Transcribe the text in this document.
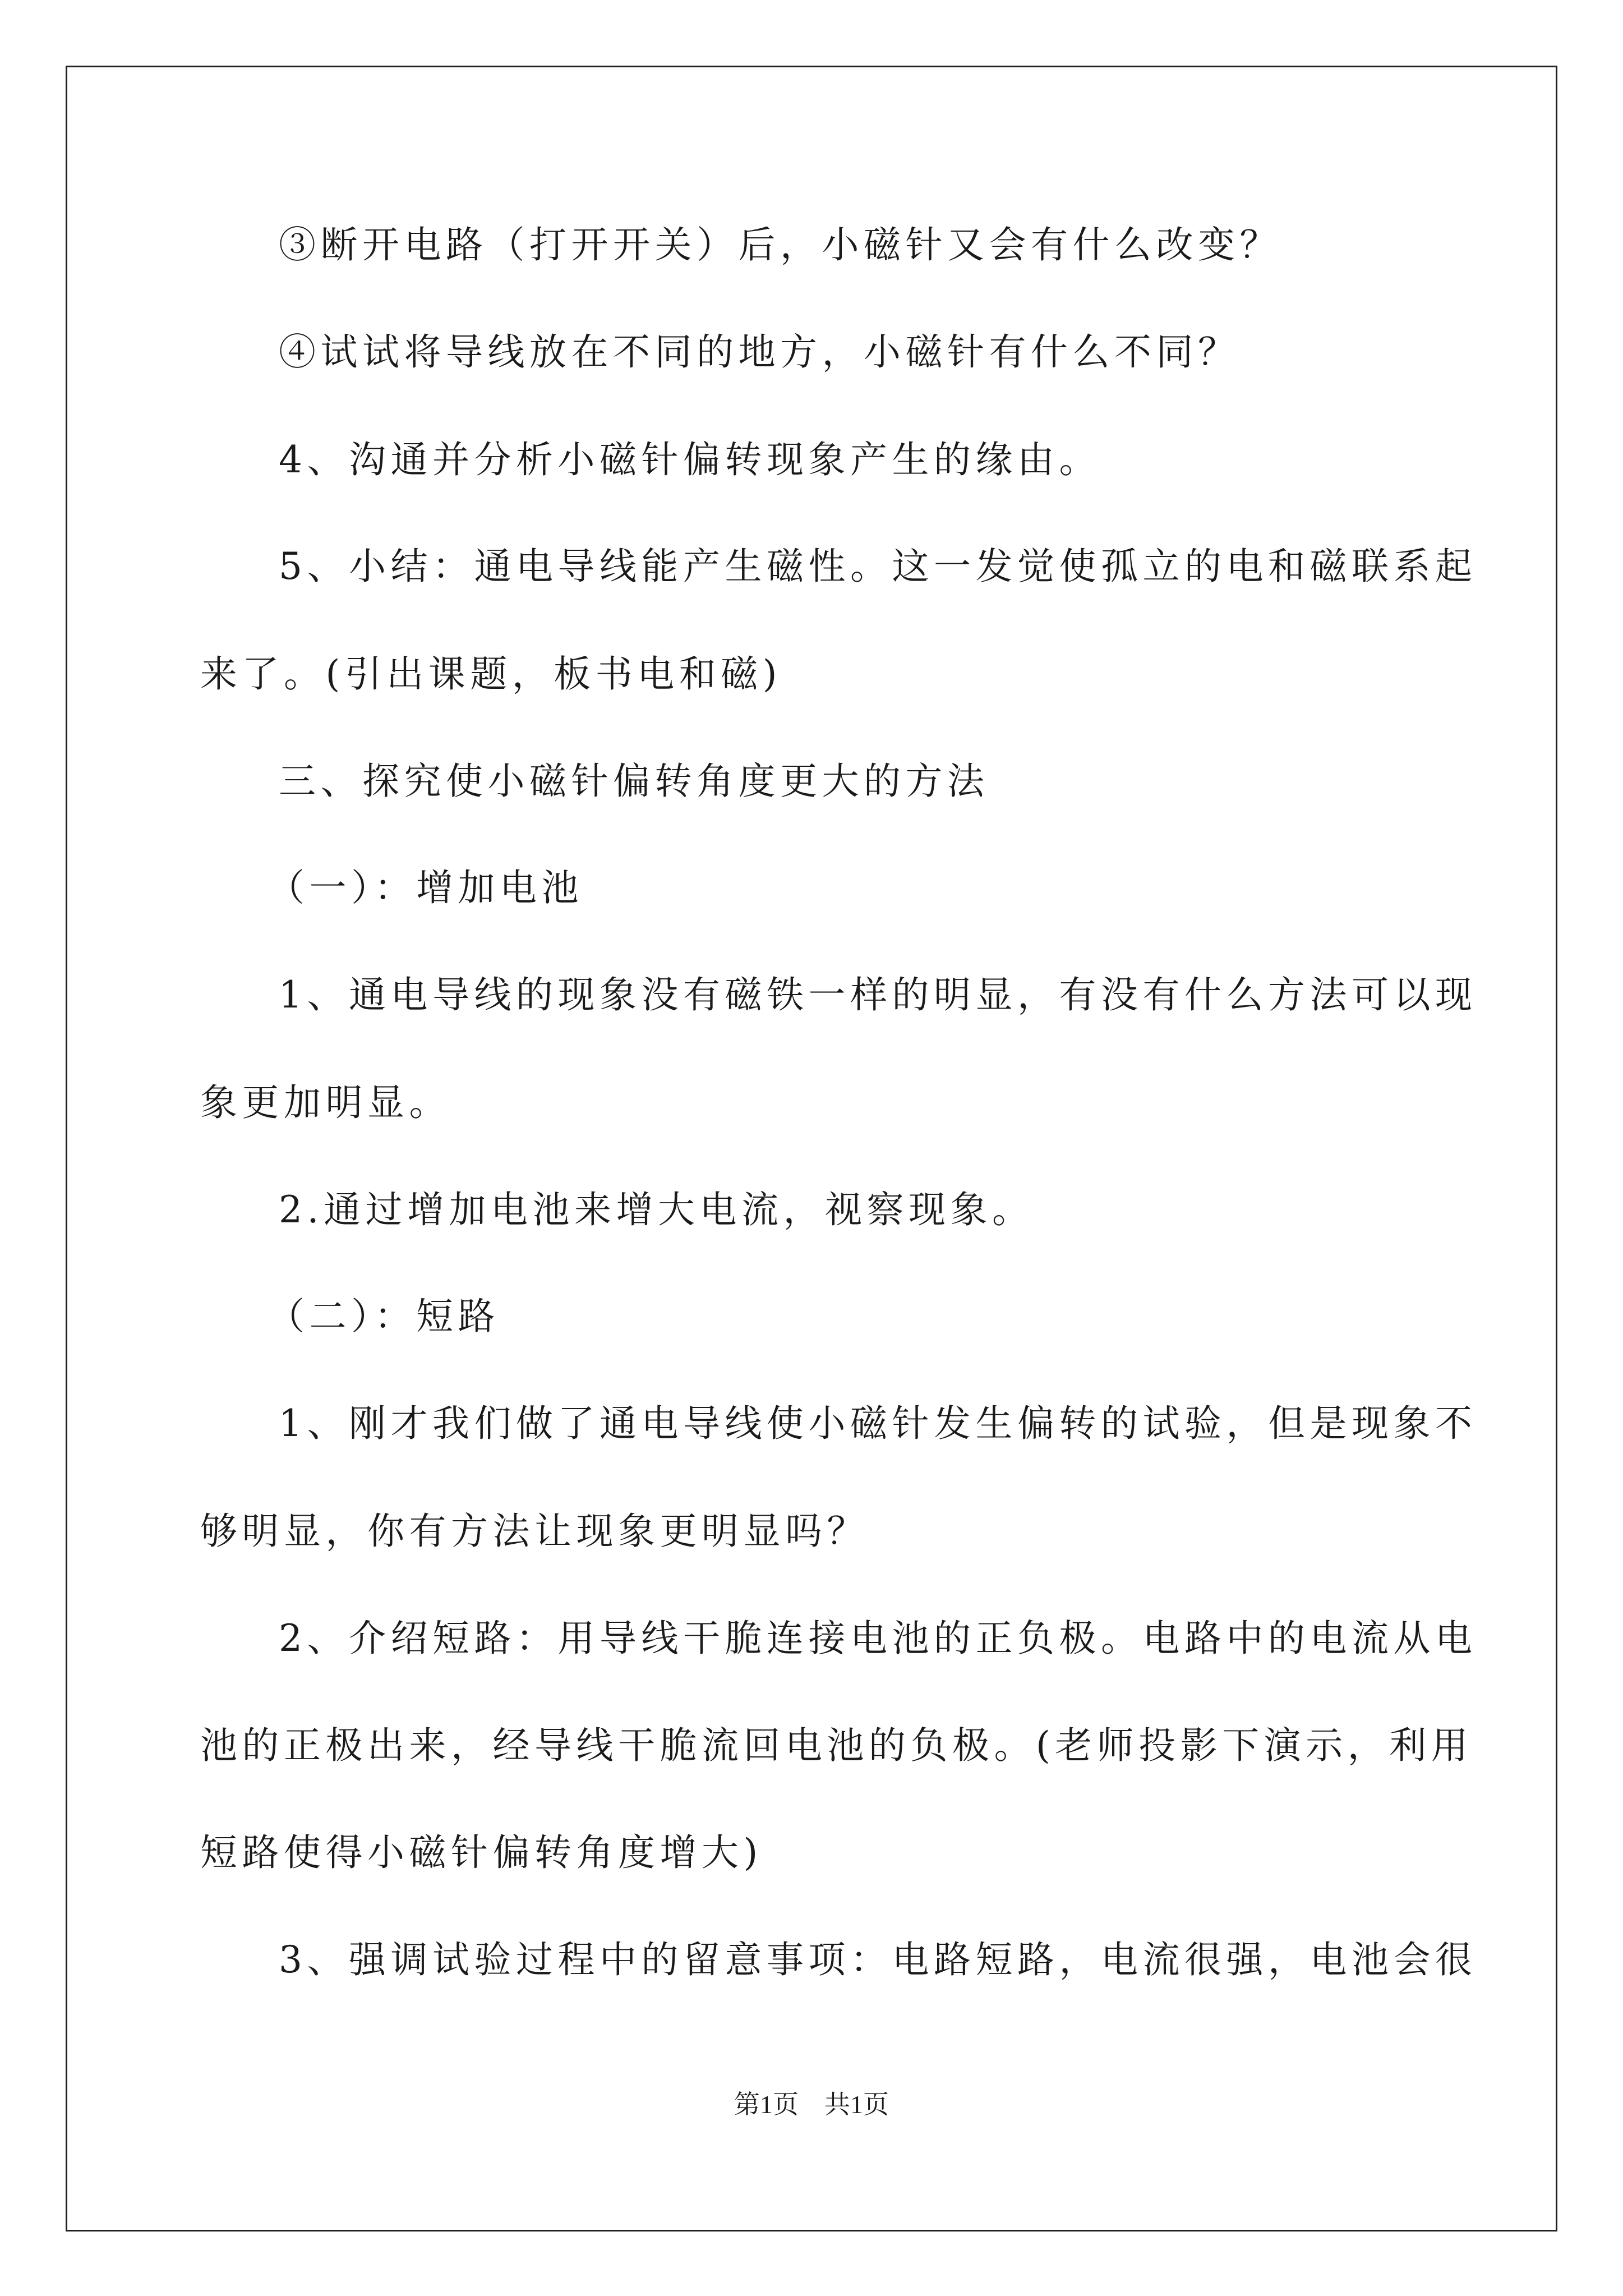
③断开电路（打开开关）后，小磁针又会有什么改变？
④试试将导线放在不同的地方，小磁针有什么不同？
4、沟通并分析小磁针偏转现象产生的缘由。
5、小结：通电导线能产生磁性。这一发觉使孤立的电和磁联系起
来了。(引出课题，板书电和磁)
三、探究使小磁针偏转角度更大的方法
（一）：增加电池
1、通电导线的现象没有磁铁一样的明显，有没有什么方法可以现
象更加明显。
2.通过增加电池来增大电流，视察现象。
（二）：短路
1、刚才我们做了通电导线使小磁针发生偏转的试验，但是现象不
够明显，你有方法让现象更明显吗？
2、介绍短路：用导线干脆连接电池的正负极。电路中的电流从电
池的正极出来，经导线干脆流回电池的负极。(老师投影下演示，利用
短路使得小磁针偏转角度增大)
3、强调试验过程中的留意事项：电路短路，电流很强，电池会很
第1页　共1页
